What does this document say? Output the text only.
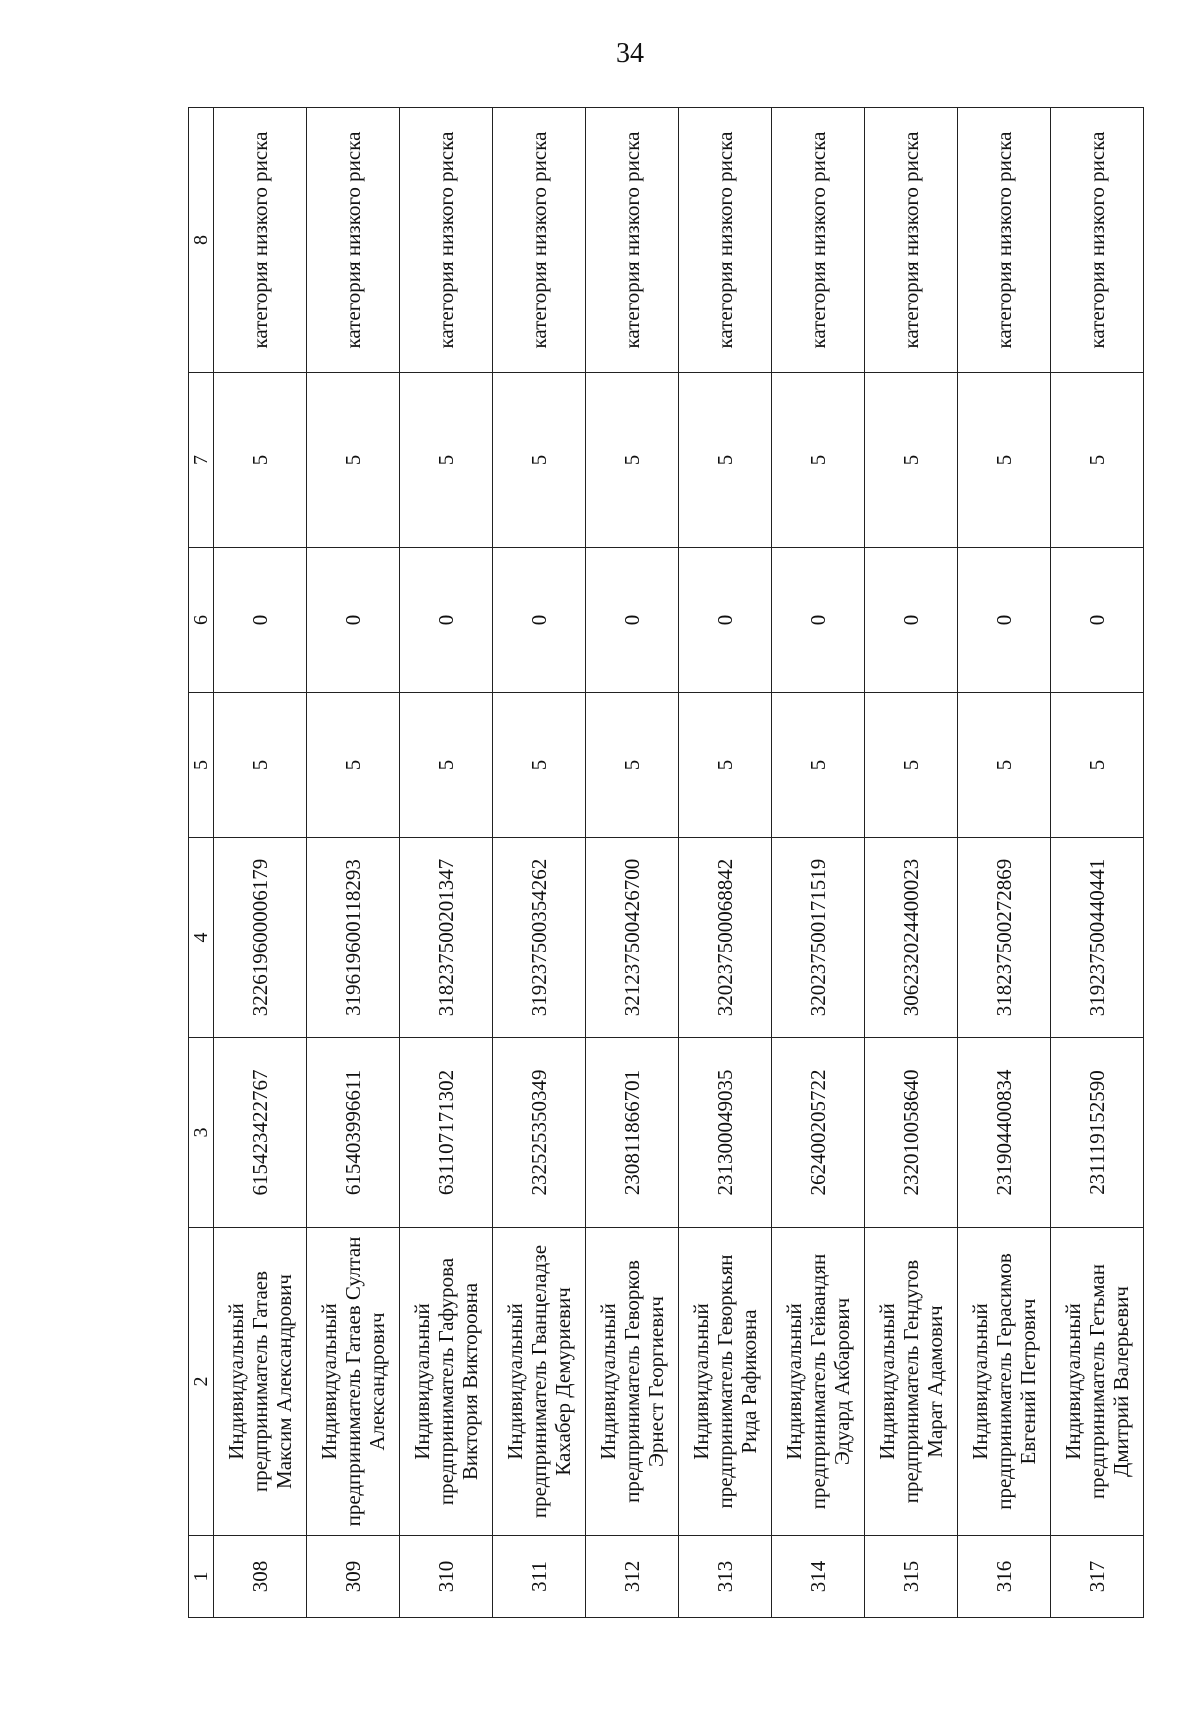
34
1	2	3	4	5	6	7	8
308	Индивидуальный предприниматель Гатаев Максим Александрович	615423422767	322619600006179	5	0	5	категория низкого риска
309	Индивидуальный предприниматель Гатаев Султан Александрович	615403996611	319619600118293	5	0	5	категория низкого риска
310	Индивидуальный предприниматель Гафурова Виктория Викторовна	631107171302	318237500201347	5	0	5	категория низкого риска
311	Индивидуальный предприниматель Гванцеладзе Кахабер Демуриевич	232525350349	319237500354262	5	0	5	категория низкого риска
312	Индивидуальный предприниматель Геворков Эрнест Георгиевич	230811866701	321237500426700	5	0	5	категория низкого риска
313	Индивидуальный предприниматель Геворкьян Рида Рафиковна	231300049035	320237500068842	5	0	5	категория низкого риска
314	Индивидуальный предприниматель Гейвандян Эдуард Акбарович	262400205722	320237500171519	5	0	5	категория низкого риска
315	Индивидуальный предприниматель Гендугов Марат Адамович	232010058640	306232024400023	5	0	5	категория низкого риска
316	Индивидуальный предприниматель Герасимов Евгений Петрович	231904400834	318237500272869	5	0	5	категория низкого риска
317	Индивидуальный предприниматель Гетьман Дмитрий Валерьевич	231119152590	319237500440441	5	0	5	категория низкого риска
